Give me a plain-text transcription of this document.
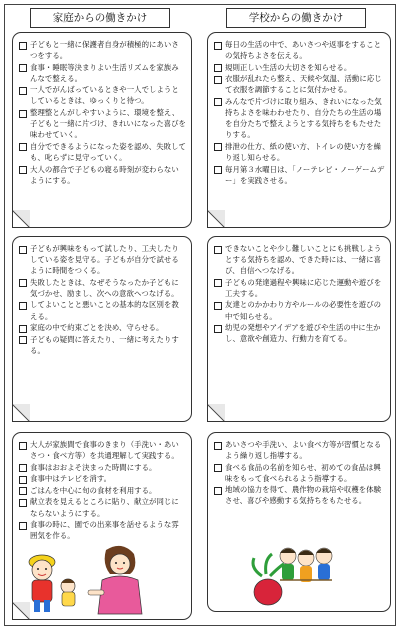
家庭からの働きかけ	学校からの働きかけ
子どもと一緒に保護者自身が積極的にあいさつをする。
食事・睡眠等決まりよい生活リズムを家族みんなで整える。
一人でがんばっているときや一人でしようとしているときは、ゆっくりと待つ。
整理整とんがしやすいように、環境を整え、子どもと一緒に片づけ、きれいになった喜びを味わせていく。
自分でできるようになった姿を認め、失敗しても、叱らずに見守っていく。
大人の都合で子どもの寝る時刻が変わらないようにする。
毎日の生活の中で、あいさつや返事をすることの気持ちよさを伝える。
規則正しい生活の大切さを知らせる。
衣服が乱れたら整え、天候や気温、活動に応じて衣服を調節することに気付かせる。
みんなで片づけに取り組み、きれいになった気持ちよさを味わわせたり、自分たちの生活の場を自分たちで整えようとする気持ちをもたせたりする。
排泄の仕方、紙の使い方、トイレの使い方を繰り返し知らせる。
毎月第３水曜日は、「ノーテレビ・ノーゲームデー」を実践させる。
子どもが興味をもって試したり、工夫したりしている姿を見守る。子どもが自分で試せるように時間をつくる。
失敗したときは、なぜそうなったか子どもに気づかせ、励まし、次への意欲へつなげる。
してよいことと悪いことの基本的な区別を教える。
家庭の中で約束ごとを決め、守らせる。
子どもの疑問に答えたり、一緒に考えたりする。
できないことや少し難しいことにも挑戦しようとする気持ちを認め、できた時には、一緒に喜び、自信へつなげる。
子どもの発達過程や興味に応じた運動や遊びを工夫する。
友達とのかかわり方やルールの必要性を遊びの中で知らせる。
幼児の発想やアイデアを遊びや生活の中に生かし、意欲や創造力、行動力を育てる。
大人が家族間で食事のきまり（手洗い・あいさつ・食べ方等）を共通理解して実践する。
食事はおおよそ決まった時間にする。
食事中はテレビを消す。
ごはんを中心に旬の食材を利用する。
献立表を見えるところに貼り、献立が同じにならないようにする。
食事の時に、園での出来事を話せるような雰囲気を作る。
あいさつや手洗い、よい食べ方等が習慣となるよう繰り返し指導する。
食べる食品の名前を知らせ、初めての食品は興味をもって食べられるよう指導する。
地域の協力を得て、農作物の栽培や収穫を体験させ、喜びや感動する気持ちをもたせる。
